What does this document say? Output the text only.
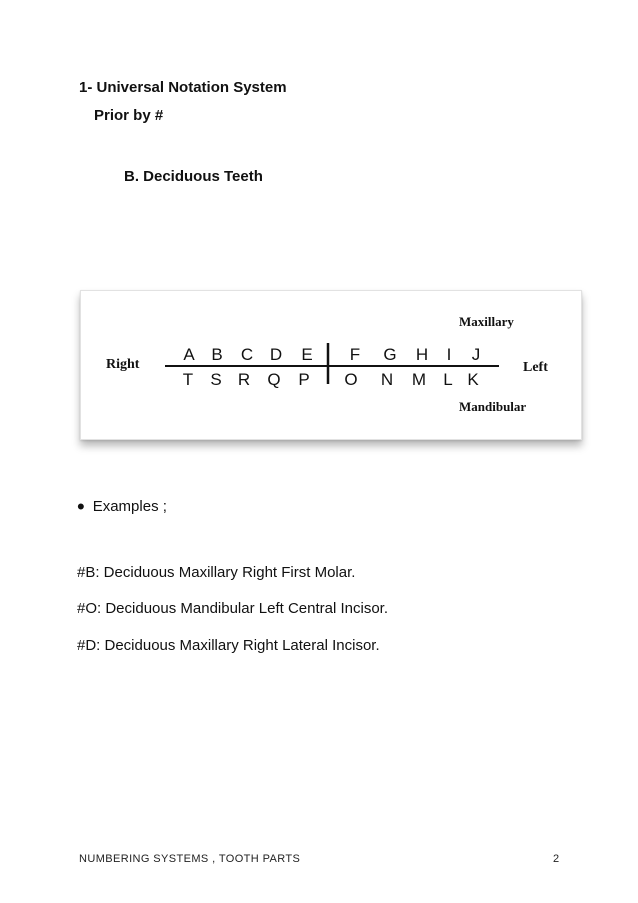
1- Universal Notation System
Prior by #
B. Deciduous Teeth
Maxillary
Right	Left
Mandibular
A B C D E F G H I J
T S R Q P O N M L K
• Examples ;
#B: Deciduous Maxillary Right First Molar.
#O: Deciduous Mandibular Left Central Incisor.
#D: Deciduous Maxillary Right Lateral Incisor.
NUMBERING SYSTEMS , TOOTH PARTS	2
